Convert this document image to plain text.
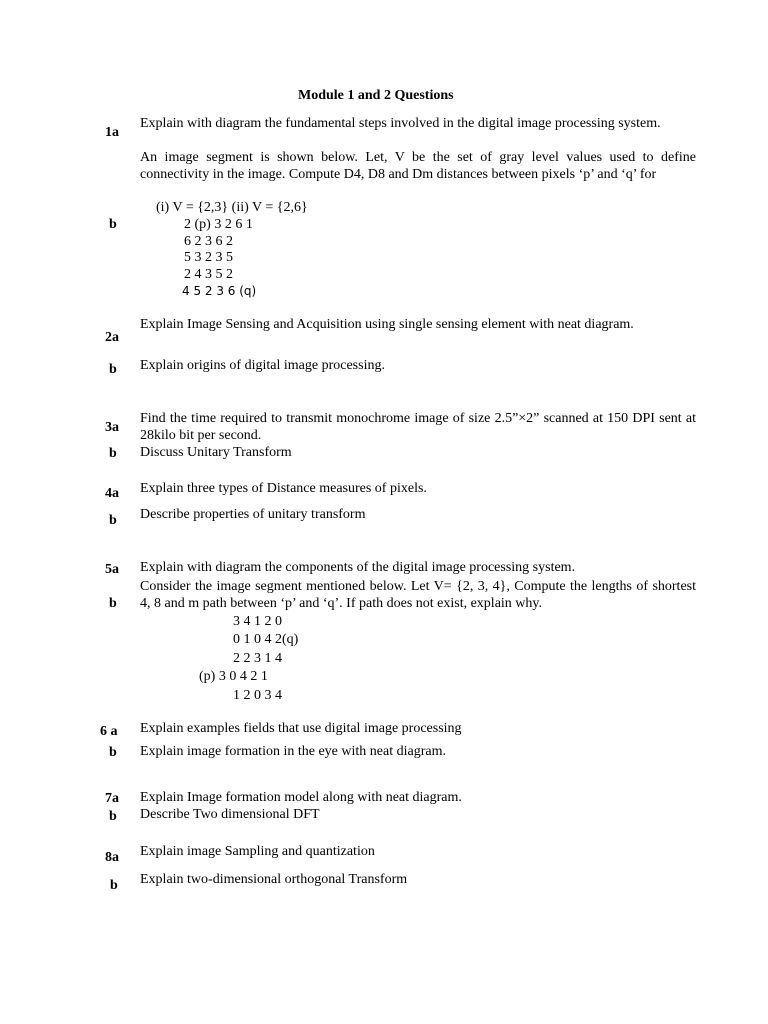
Module 1 and 2 Questions
1a
Explain with diagram the fundamental steps involved in the digital image processing system.
An image segment is shown below. Let, V be the set of gray level values used to define connectivity in the image. Compute D4, D8 and Dm distances between pixels ‘p’ and ‘q’ for
(i) V = {2,3} (ii) V = {2,6}
b	2 (p) 3 2 6 1
6 2 3 6 2
5 3 2 3 5
2 4 3 5 2
4 5 2 3 6 (q)
Explain Image Sensing and Acquisition using single sensing element with neat diagram.
2a
b Explain origins of digital image processing.
Find the time required to transmit monochrome image of size 2.5”×2” scanned at 150 DPI sent at 28kilo bit per second.
3a
b Discuss Unitary Transform
Explain three types of Distance measures of pixels.
4a
Describe properties of unitary transform
b
5a Explain with diagram the components of the digital image processing system.
Consider the image segment mentioned below. Let V= {2, 3, 4}, Compute the lengths of shortest 4, 8 and m path between ‘p’ and ‘q’. If path does not exist, explain why.
b
3 4 1 2 0
0 1 0 4 2(q)
2 2 3 1 4
(p) 3 0 4 2 1
1 2 0 3 4
6 a Explain examples fields that use digital image processing
b Explain image formation in the eye with neat diagram.
7a Explain Image formation model along with neat diagram.
b Describe Two dimensional DFT
Explain image Sampling and quantization
8a
Explain two-dimensional orthogonal Transform
b
